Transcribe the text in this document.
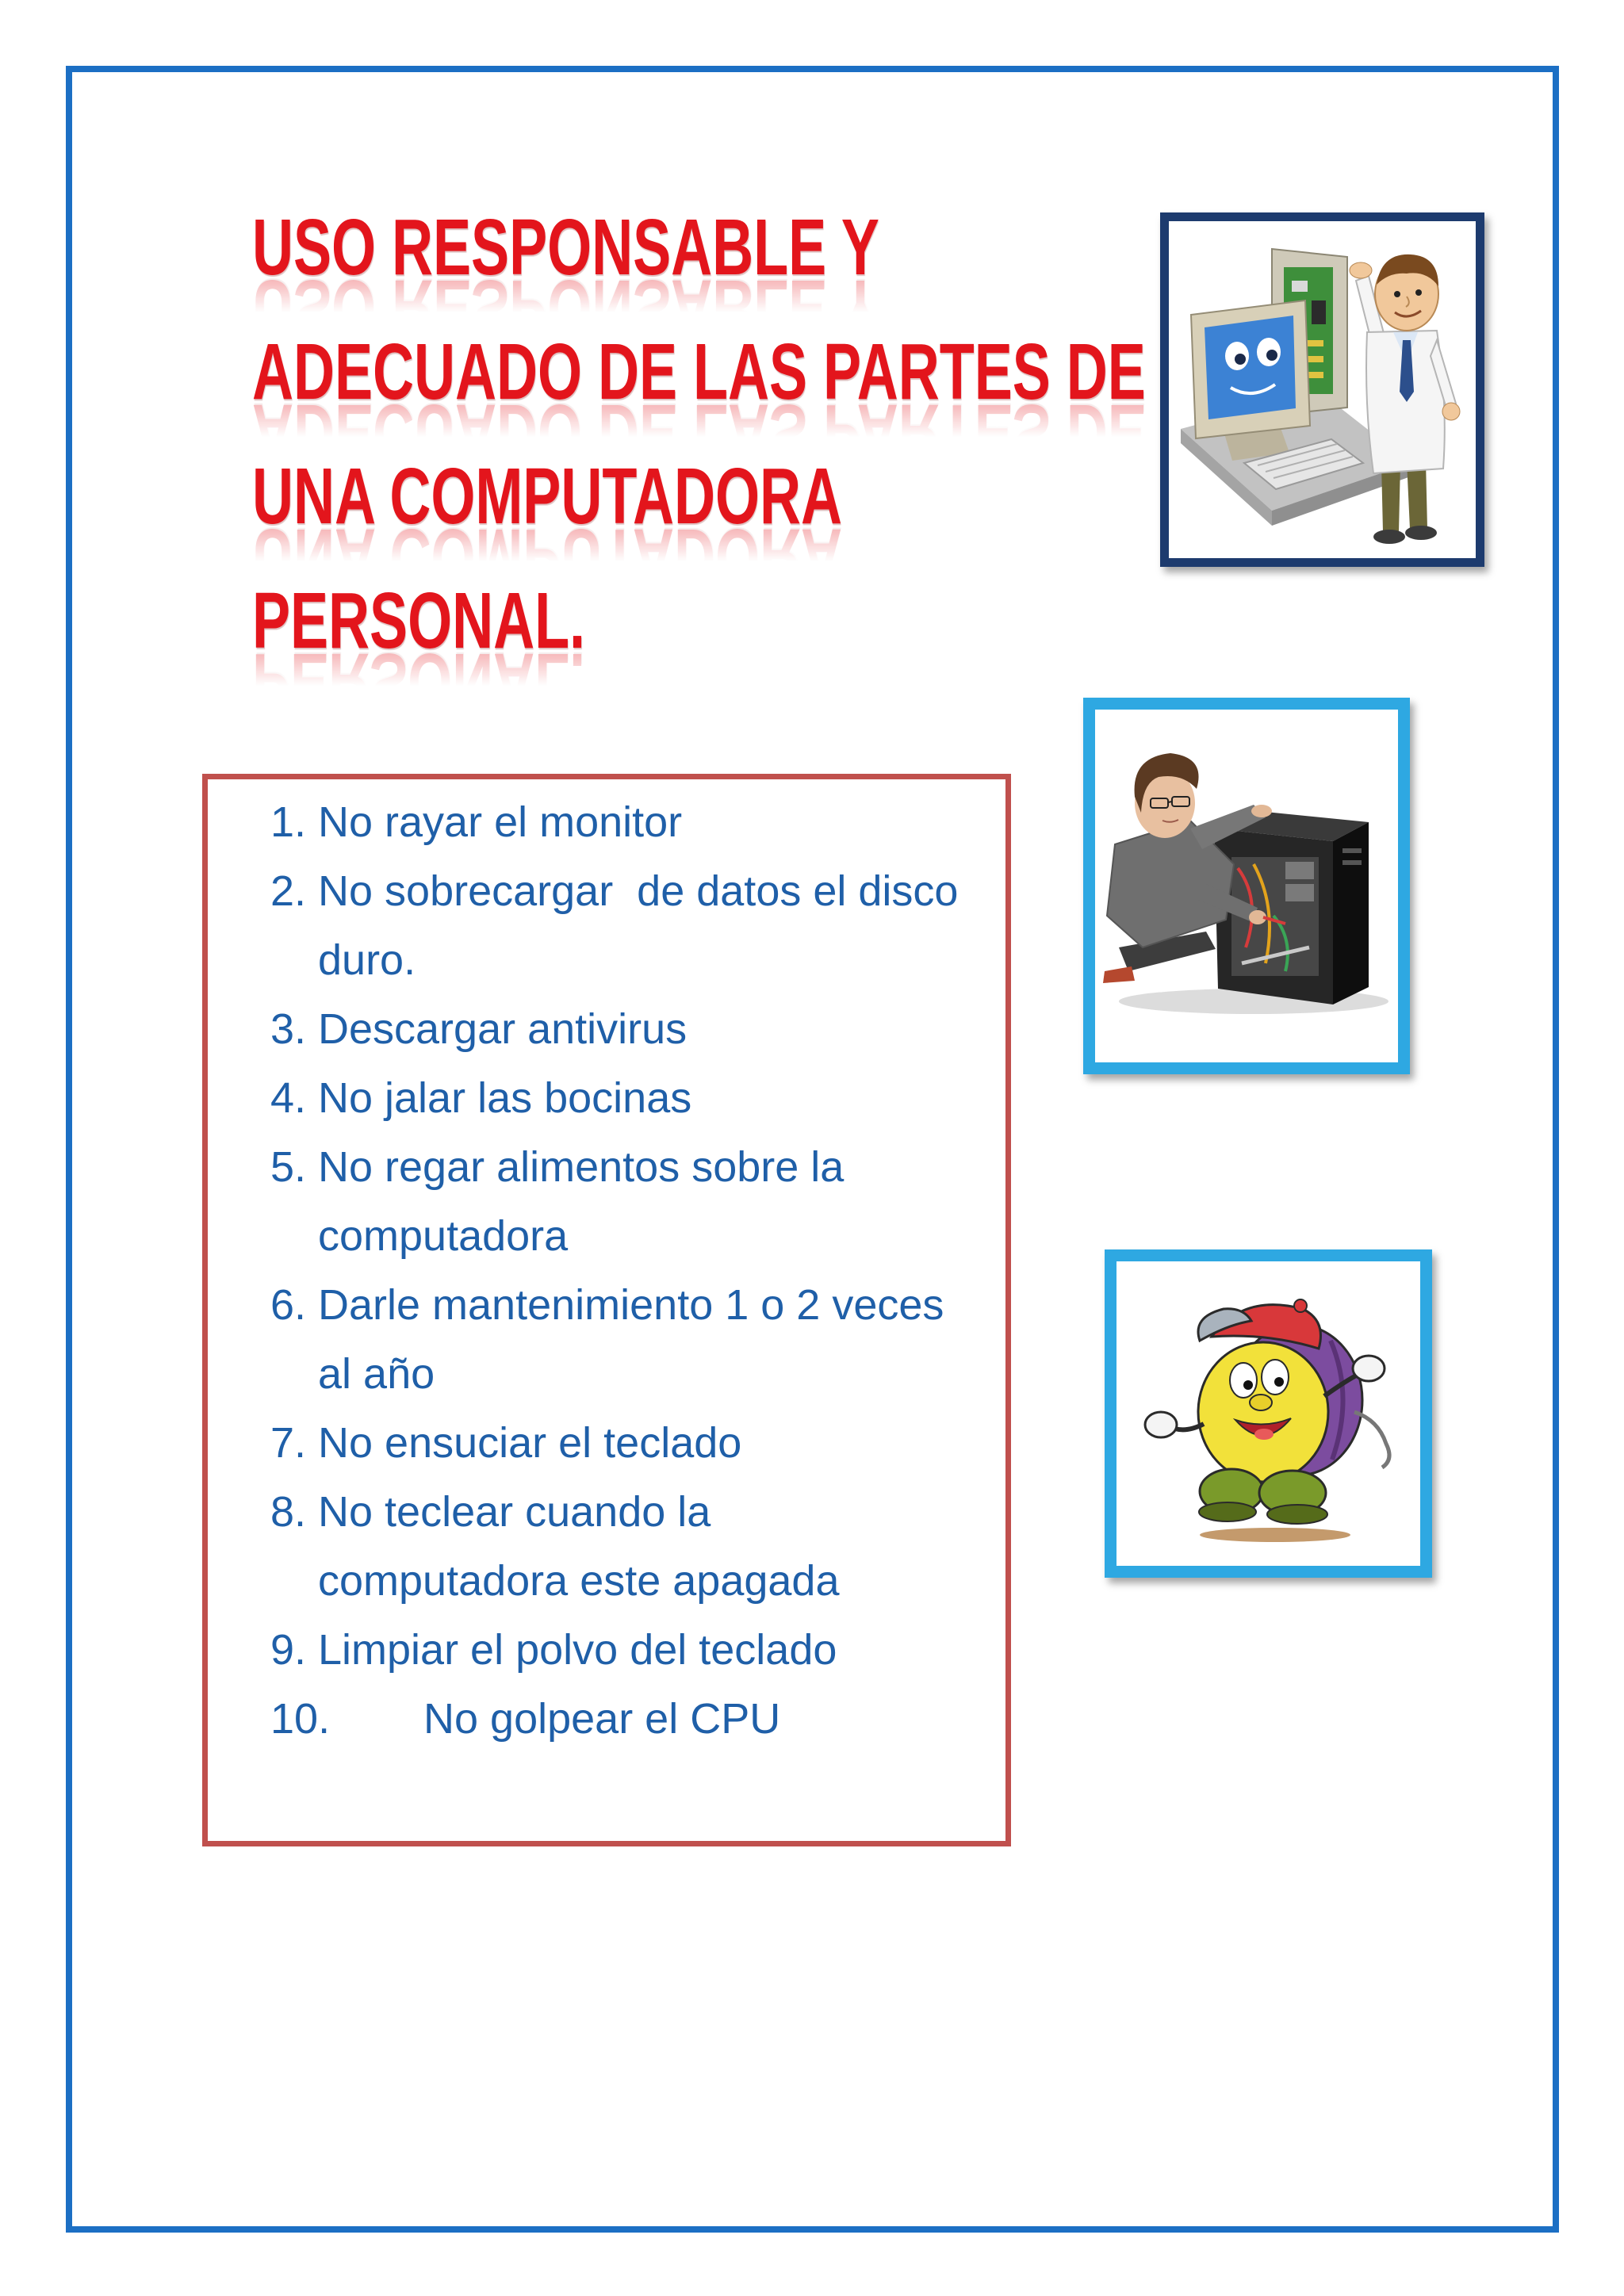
USO RESPONSABLE Y
ADECUADO DE LAS PARTES DE
UNA COMPUTADORA
PERSONAL.
1. No rayar el monitor
2. No sobrecargar  de datos el disco
duro.
3. Descargar antivirus
4. No jalar las bocinas
5. No regar alimentos sobre la
computadora
6. Darle mantenimiento 1 o 2 veces
al año
7. No ensuciar el teclado
8. No teclear cuando la
computadora este apagada
9. Limpiar el polvo del teclado
10. No golpear el CPU
